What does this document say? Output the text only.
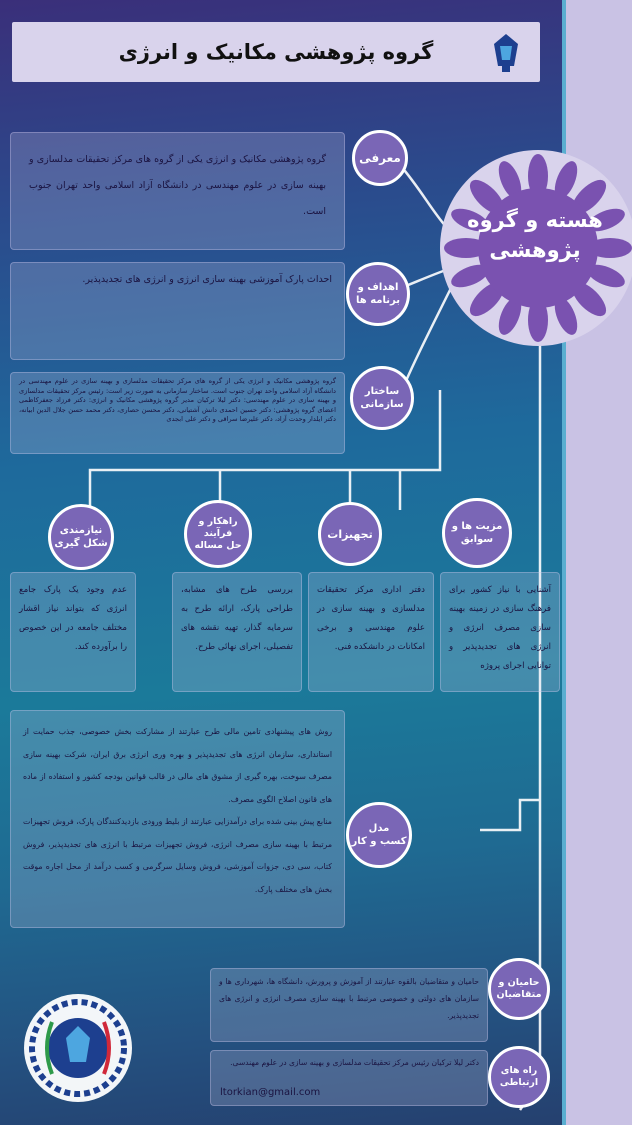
گروه پژوهشی مکانیک و انرژی
هسته و گروه
پژوهشی

گروه پژوهشی مکانیک و انرژی یکی از گروه های مرکز تحقیقات مدلسازی و بهینه سازی در علوم مهندسی در دانشگاه آزاد اسلامی واحد تهران جنوب است.

معرفی

احداث پارک آموزشی بهینه سازی انرژی و انرژی های تجدیدپذیر.

اهداف و
برنامه ها

گروه پژوهشی مکانیک و انرژی یکی از گروه های مرکز تحقیقات مدلسازی و بهینه سازی در علوم مهندسی در دانشگاه آزاد اسلامی واحد تهران جنوب است. ساختار سازمانی به صورت زیر است: رئیس مرکز تحقیقات مدلسازی و بهینه سازی در علوم مهندسی: دکتر لیلا ترکیان مدیر گروه پژوهشی مکانیک و انرژی: دکتر فرزاد جعفرکاظمی اعضای گروه پژوهشی: دکتر حسین احمدی دانش آشتیانی، دکتر محسن حصاری، دکتر محمد حسن جلال الدین ابیانه، دکتر ایلدار وحدت آزاد، دکتر علیرضا سراقی و دکتر علی ابجدی

ساختار
سازمانی
مزیت ها و
سوابق
تجهیزات
راهکار و
فرآیند
حل مساله
نیازمندی
شکل گیری

آشنایی با نیاز کشور برای فرهنگ سازی در زمینه بهینه سازی مصرف انرژی و انرژی های تجدیدپذیر و توانایی اجرای پروژه

دفتر اداری مرکز تحقیقات مدلسازی و بهینه سازی در علوم مهندسی و برخی امکانات در دانشکده فنی.

بررسی طرح های مشابه، طراحی پارک، ارائه طرح به سرمایه گذار، تهیه نقشه های تفصیلی، اجرای نهائی طرح.

عدم وجود یک پارک جامع انرژی که بتواند نیاز اقشار مختلف جامعه در این خصوص را برآورده کند.

روش های پیشنهادی تامین مالی طرح عبارتند از مشارکت بخش خصوصی، جذب حمایت از استانداری، سازمان انرژی های تجدیدپذیر و بهره وری انرژی برق ایران، شرکت بهینه سازی مصرف سوخت، بهره گیری از مشوق های مالی در قالب قوانین بودجه کشور و استفاده از ماده های قانون اصلاح الگوی مصرف.

منابع پیش بینی شده برای درآمدزایی عبارتند از بلیط ورودی بازدیدکنندگان پارک، فروش تجهیزات مرتبط با بهینه سازی مصرف انرژی، فروش تجهیزات مرتبط با انرژی های تجدیدپذیر، فروش کتاب، سی دی، جزوات آموزشی، فروش وسایل سرگرمی و کسب درآمد از محل اجاره موقت بخش های مختلف پارک.

مدل
کسب و کار

حامیان و متقاضیان بالقوه عبارتند از آموزش و پرورش، دانشگاه ها، شهرداری ها و سازمان های دولتی و خصوصی مرتبط با بهینه سازی مصرف انرژی و انرژی های تجدیدپذیر.

حامیان و
متقاضیان

دکتر لیلا ترکیان رئیس مرکز تحقیقات مدلسازی و بهینه سازی در علوم مهندسی.

ltorkian@gmail.com
راه های
ارتباطی
